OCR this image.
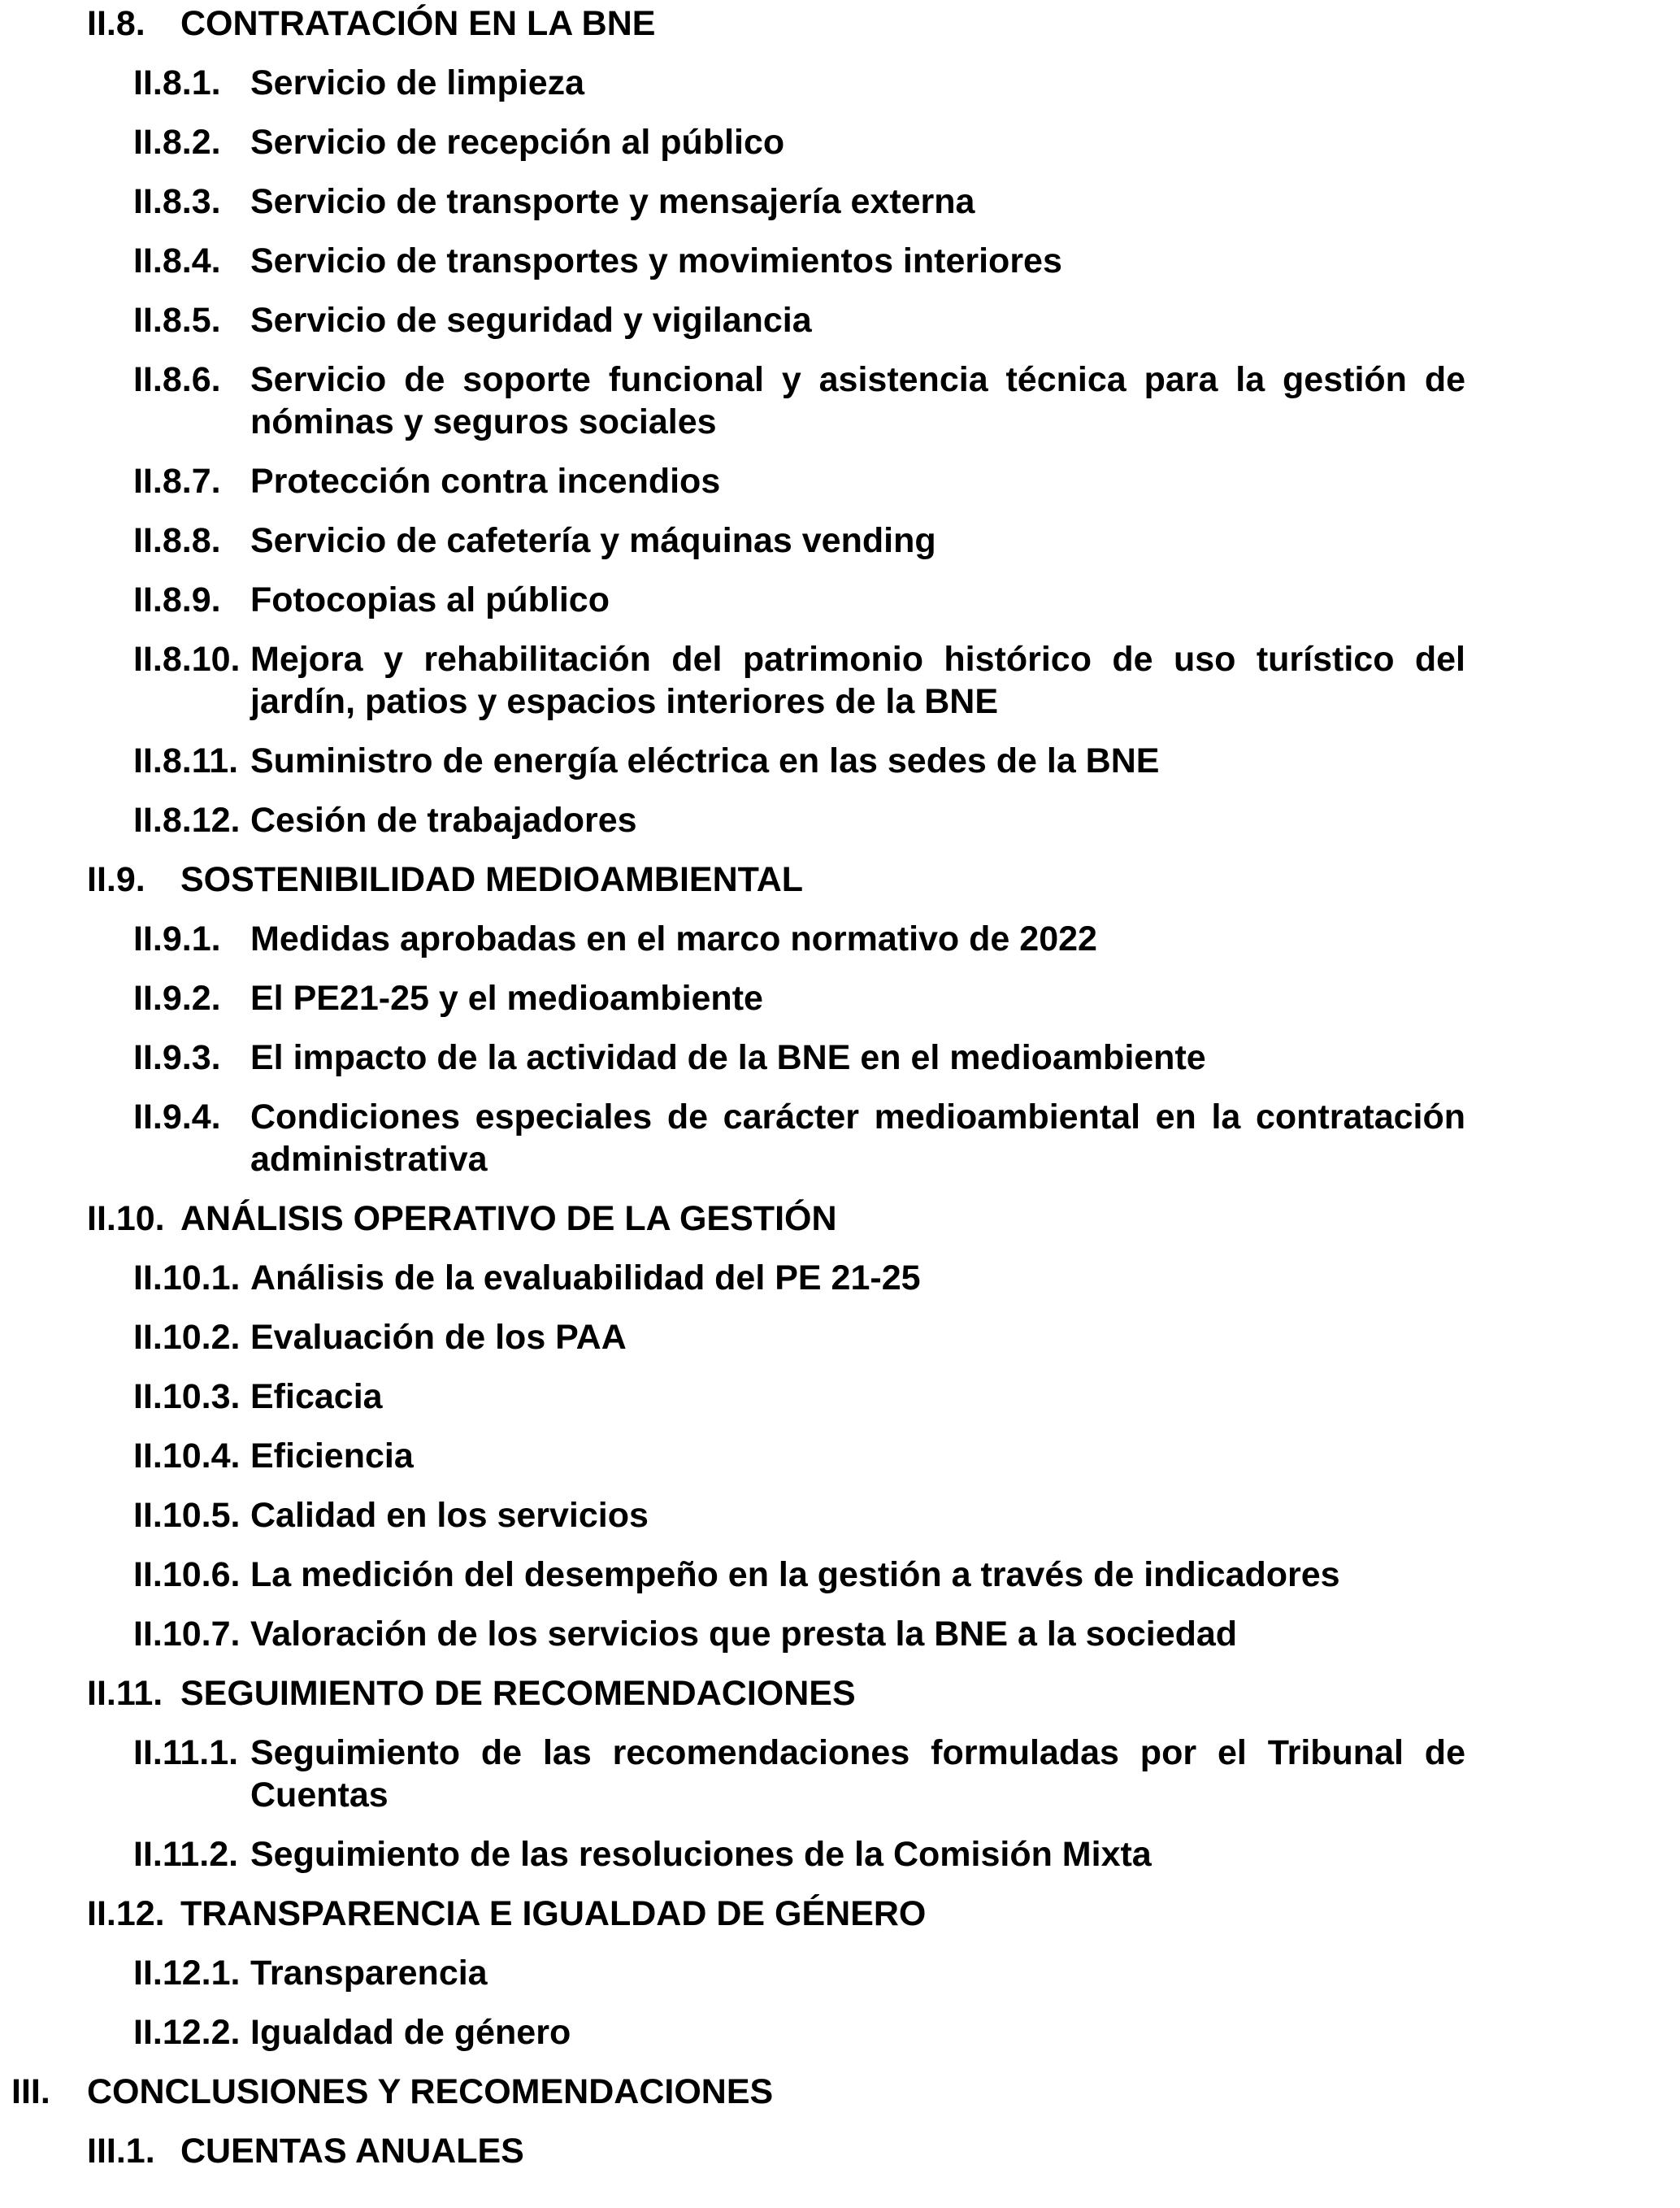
II.8.	CONTRATACIÓN EN LA BNE
II.8.1. Servicio de limpieza
II.8.2. Servicio de recepción al público
II.8.3. Servicio de transporte y mensajería externa
II.8.4. Servicio de transportes y movimientos interiores
II.8.5. Servicio de seguridad y vigilancia
II.8.6. Servicio de soporte funcional y asistencia técnica para la gestión de nóminas y seguros sociales
II.8.7. Protección contra incendios
II.8.8. Servicio de cafetería y máquinas vending
II.8.9. Fotocopias al público
II.8.10. Mejora y rehabilitación del patrimonio histórico de uso turístico del jardín, patios y espacios interiores de la BNE
II.8.11. Suministro de energía eléctrica en las sedes de la BNE
II.8.12. Cesión de trabajadores
II.9.	SOSTENIBILIDAD MEDIOAMBIENTAL
II.9.1. Medidas aprobadas en el marco normativo de 2022
II.9.2. El PE21-25 y el medioambiente
II.9.3. El impacto de la actividad de la BNE en el medioambiente
II.9.4. Condiciones especiales de carácter medioambiental en la contratación administrativa
II.10. ANÁLISIS OPERATIVO DE LA GESTIÓN
II.10.1. Análisis de la evaluabilidad del PE 21-25
II.10.2. Evaluación de los PAA
II.10.3. Eficacia
II.10.4. Eficiencia
II.10.5. Calidad en los servicios
II.10.6. La medición del desempeño en la gestión a través de indicadores
II.10.7. Valoración de los servicios que presta la BNE a la sociedad
II.11. SEGUIMIENTO DE RECOMENDACIONES
II.11.1. Seguimiento de las recomendaciones formuladas por el Tribunal de Cuentas
II.11.2. Seguimiento de las resoluciones de la Comisión Mixta
II.12. TRANSPARENCIA E IGUALDAD DE GÉNERO
II.12.1. Transparencia
II.12.2. Igualdad de género
III.	CONCLUSIONES Y RECOMENDACIONES
III.1. CUENTAS ANUALES
